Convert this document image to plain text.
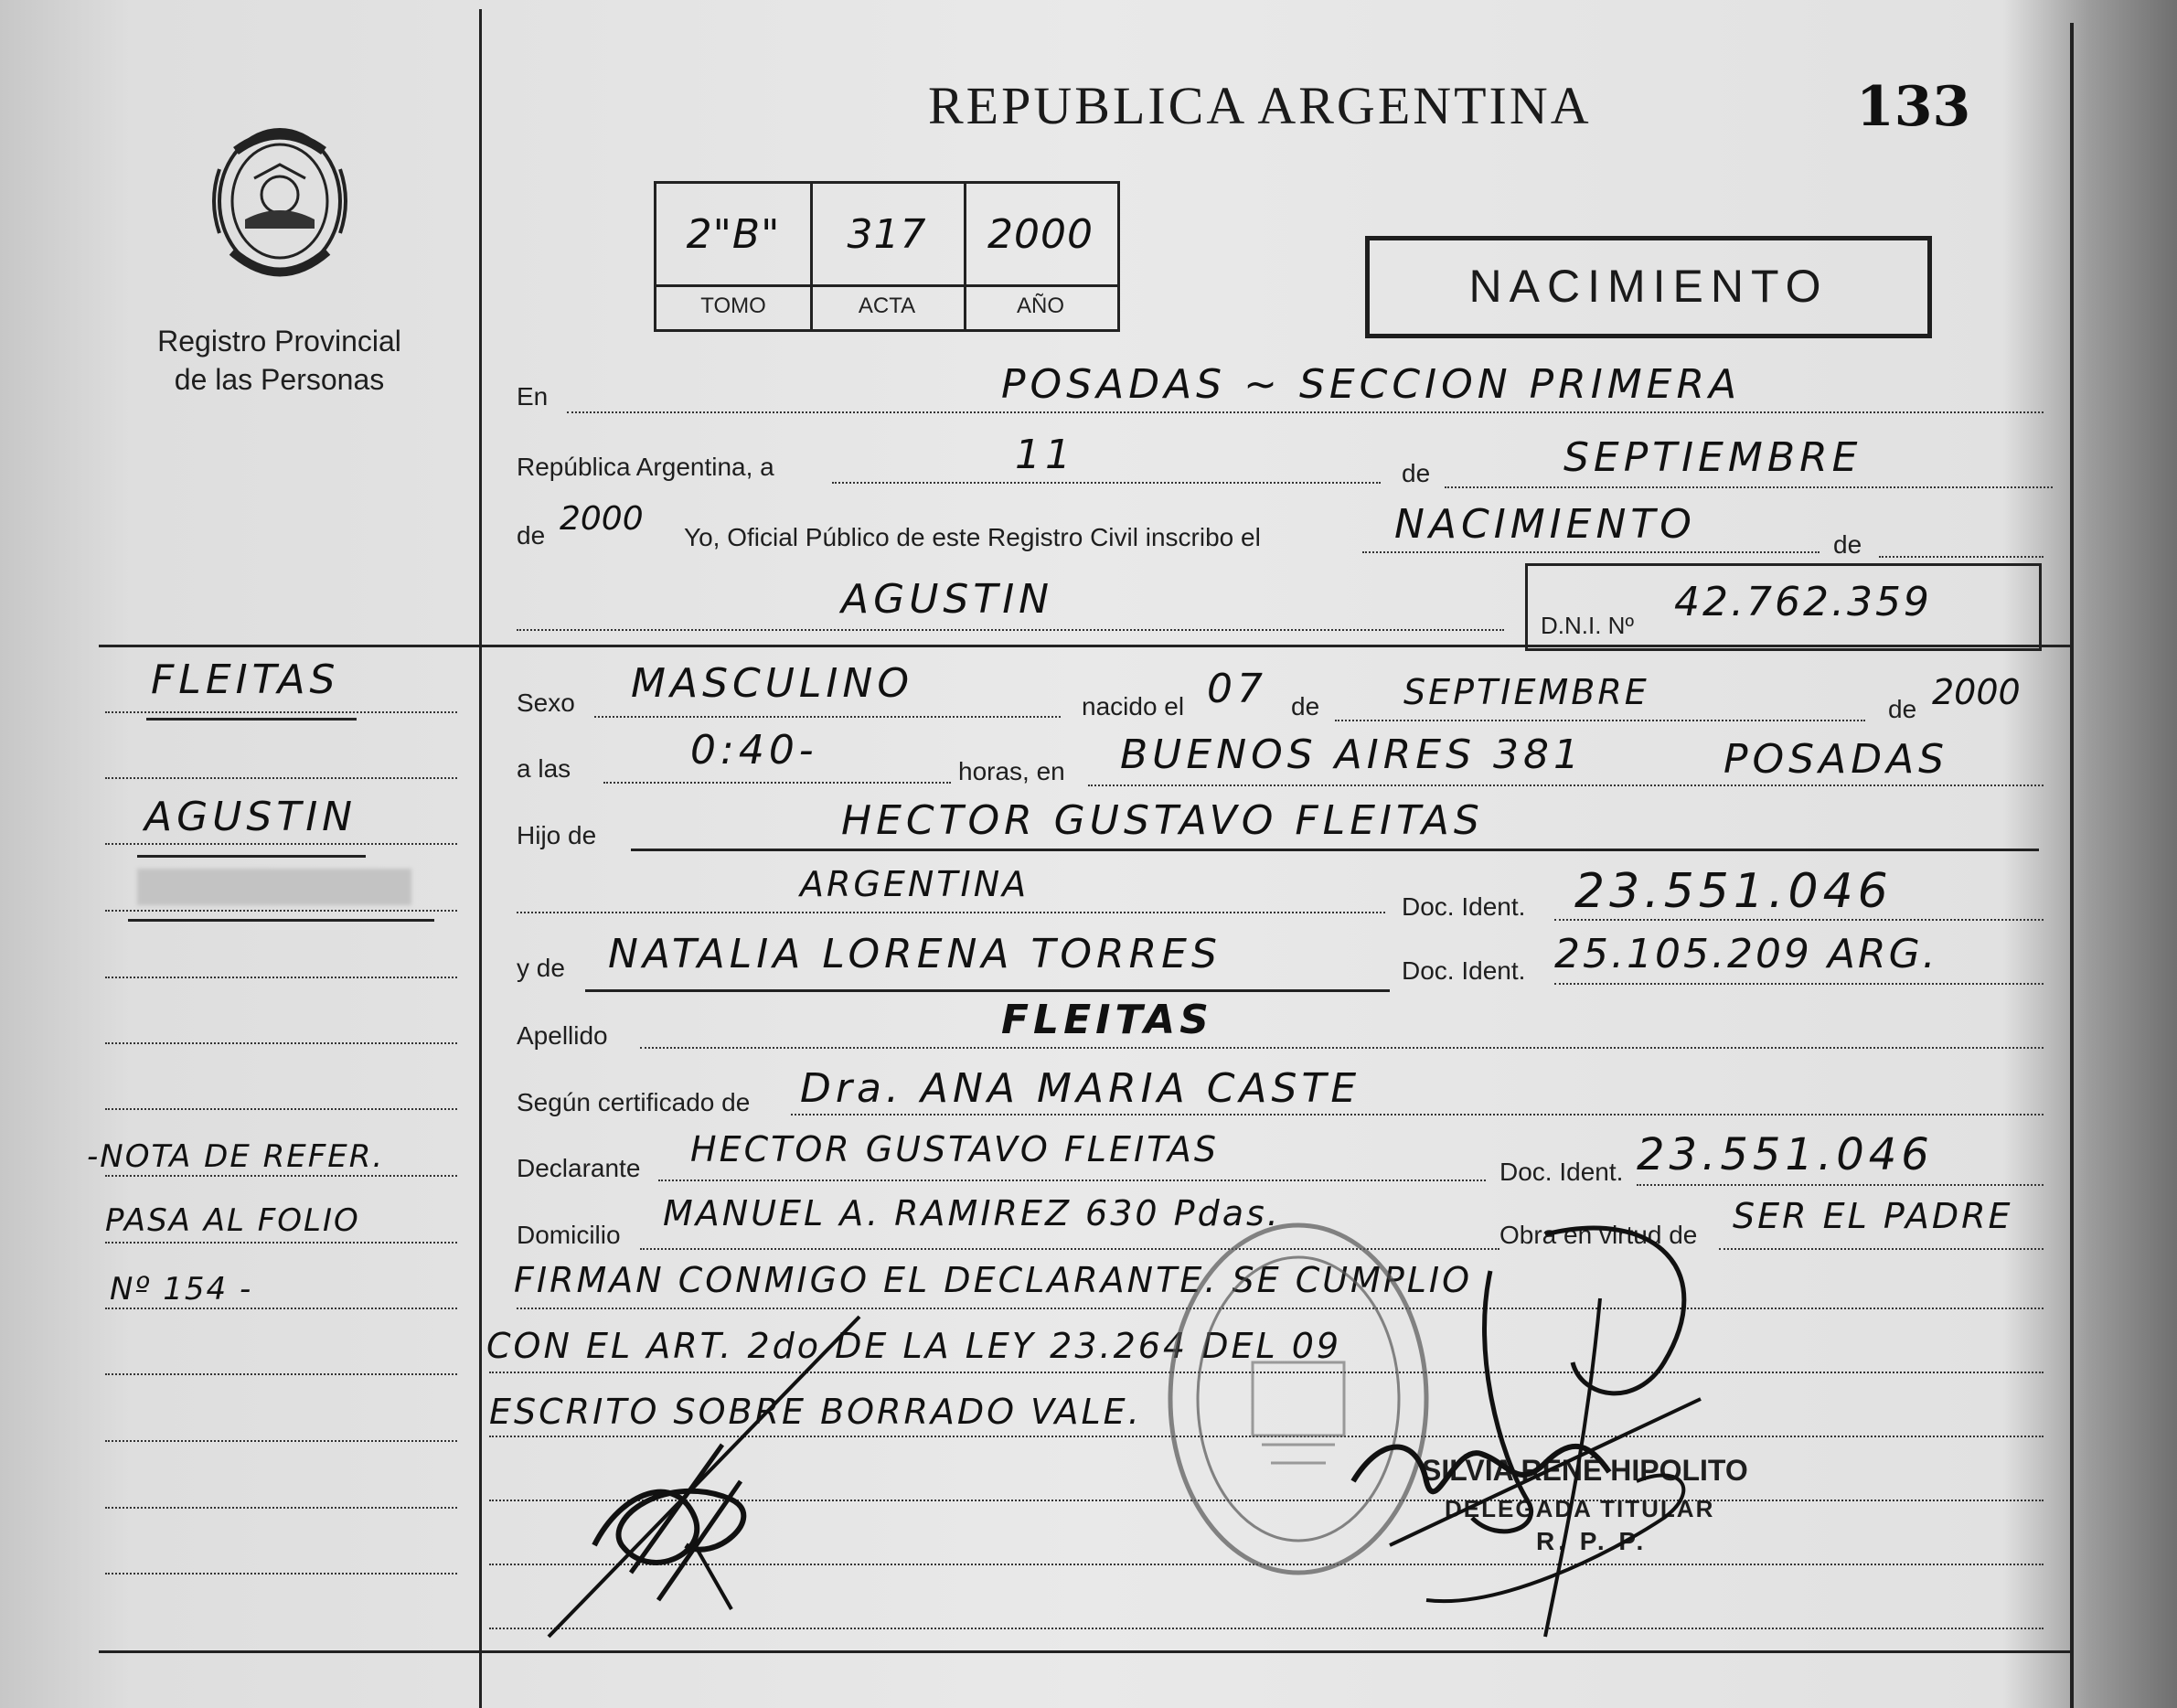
Registro Provincial
de las Personas
REPUBLICA ARGENTINA	133
2"B"	317	2000
TOMO	ACTA	AÑO	NACIMIENTO
En	POSADAS ~ SECCION PRIMERA
República Argentina, a	11	de	SEPTIEMBRE
de 2000 Yo, Oficial Público de este Registro Civil inscribo el	NACIMIENTO	de
AGUSTIN
D.N.I. Nº 42.762.359
Sexo MASCULINO	nacido el 07 de SEPTIEMBRE	de 2000
a las	0:40-	horas, en BUENOS AIRES 381	POSADAS
Hijo de	HECTOR GUSTAVO FLEITAS
ARGENTINA
Doc. Ident. 23.551.046
y de NATALIA LORENA TORRES	Doc. Ident. 25.105.209 ARG.
Apellido	FLEITAS
Según certificado de Dra. ANA MARIA CASTE
Declarante HECTOR GUSTAVO FLEITAS
Doc. Ident. 23.551.046
Domicilio
MANUEL A. RAMIREZ 630 Pdas.
Obra en virtud de SER EL PADRE
FIRMAN CONMIGO EL DECLARANTE. SE CUMPLIO
CON EL ART. 2do DE LA LEY 23.264 DEL 09
ESCRITO SOBRE BORRADO VALE.
FLEITAS
AGUSTIN
-NOTA DE REFER.
PASA AL FOLIO
Nº 154 -
SILVIA RENÉ HIPOLITO
DELEGADA TITULAR
R. P. P.
